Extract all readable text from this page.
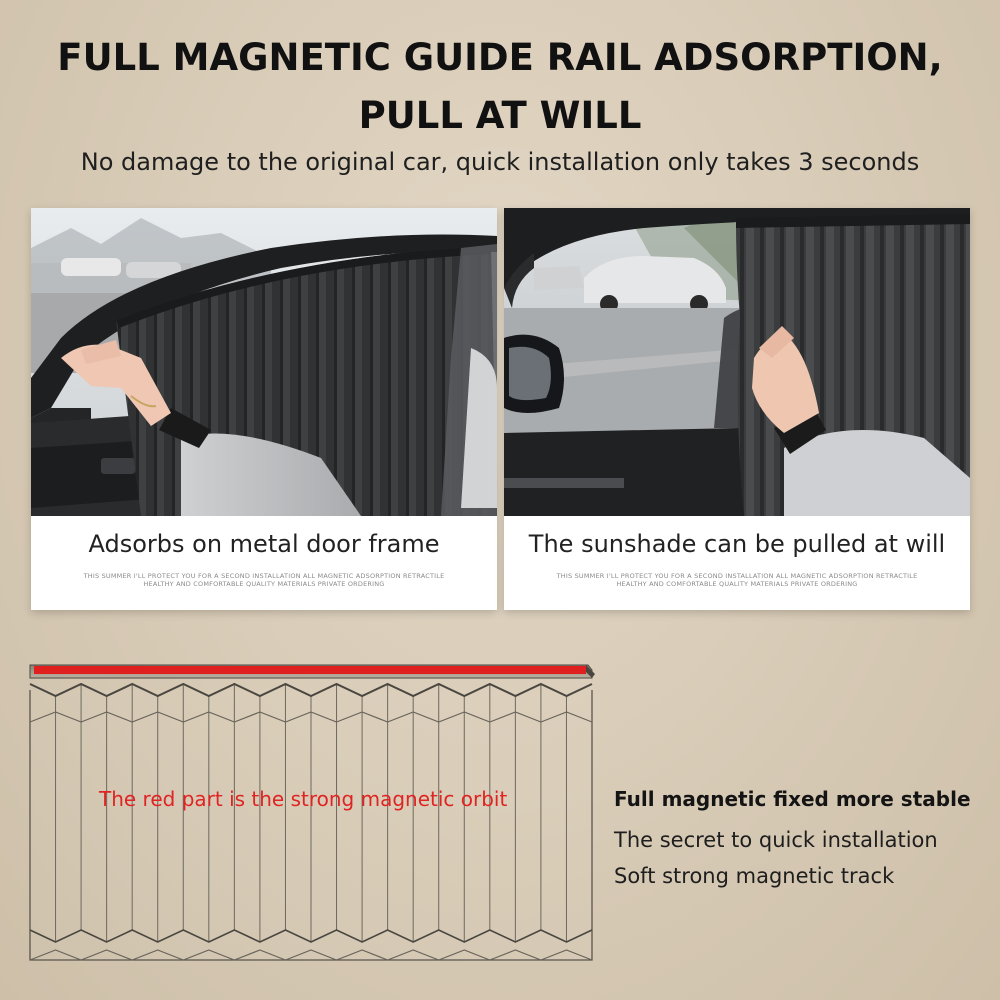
FULL MAGNETIC GUIDE RAIL ADSORPTION,
PULL AT WILL
No damage to the original car, quick installation only takes 3 seconds
Adsorbs on metal door frame
THIS SUMMER I'LL PROTECT YOU FOR A SECOND INSTALLATION ALL MAGNETIC ADSORPTION RETRACTILE
HEALTHY AND COMFORTABLE QUALITY MATERIALS PRIVATE ORDERING
The sunshade can be pulled at will
THIS SUMMER I'LL PROTECT YOU FOR A SECOND INSTALLATION ALL MAGNETIC ADSORPTION RETRACTILE
HEALTHY AND COMFORTABLE QUALITY MATERIALS PRIVATE ORDERING
The red part is the strong magnetic orbit	Full magnetic fixed more stable
The secret to quick installation
Soft strong magnetic track
